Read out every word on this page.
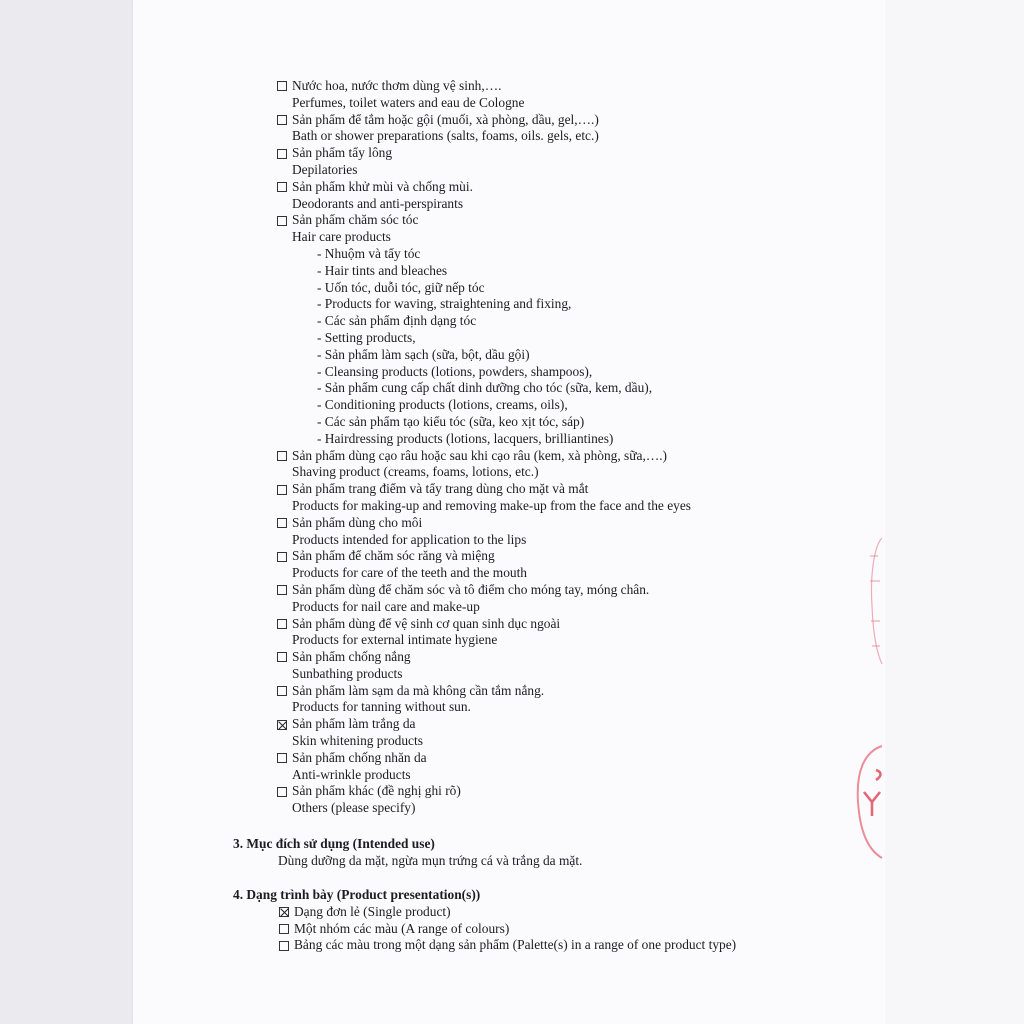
Nước hoa, nước thơm dùng vệ sinh,….
Perfumes, toilet waters and eau de Cologne
Sản phẩm để tắm hoặc gội (muối, xà phòng, dầu, gel,….)
Bath or shower preparations (salts, foams, oils. gels, etc.)
Sản phẩm tẩy lông
Depilatories
Sản phẩm khử mùi và chống mùi.
Deodorants and anti-perspirants
Sản phẩm chăm sóc tóc
Hair care products
- Nhuộm và tẩy tóc
- Hair tints and bleaches
- Uốn tóc, duỗi tóc, giữ nếp tóc
- Products for waving, straightening and fixing,
- Các sản phẩm định dạng tóc
- Setting products,
- Sản phẩm làm sạch (sữa, bột, dầu gội)
- Cleansing products (lotions, powders, shampoos),
- Sản phẩm cung cấp chất dinh dưỡng cho tóc (sữa, kem, dầu),
- Conditioning products (lotions, creams, oils),
- Các sản phẩm tạo kiểu tóc (sữa, keo xịt tóc, sáp)
- Hairdressing products (lotions, lacquers, brilliantines)
Sản phẩm dùng cạo râu hoặc sau khi cạo râu (kem, xà phòng, sữa,….)
Shaving product (creams, foams, lotions, etc.)
Sản phẩm trang điểm và tẩy trang dùng cho mặt và mắt
Products for making-up and removing make-up from the face and the eyes
Sản phẩm dùng cho môi
Products intended for application to the lips
Sản phẩm để chăm sóc răng và miệng
Products for care of the teeth and the mouth
Sản phẩm dùng để chăm sóc và tô điểm cho móng tay, móng chân.
Products for nail care and make-up
Sản phẩm dùng để vệ sinh cơ quan sinh dục ngoài
Products for external intimate hygiene
Sản phẩm chống nắng
Sunbathing products
Sản phẩm làm sạm da mà không cần tắm nắng.
Products for tanning without sun.
Sản phẩm làm trắng da
Skin whitening products
Sản phẩm chống nhăn da
Anti-wrinkle products
Sản phẩm khác (đề nghị ghi rõ)
Others (please specify)
3. Mục đích sử dụng (Intended use)
Dùng dưỡng da mặt, ngừa mụn trứng cá và trắng da mặt.
4. Dạng trình bày (Product presentation(s))
Dạng đơn lẻ (Single product)
Một nhóm các màu (A range of colours)
Bảng các màu trong một dạng sản phẩm (Palette(s) in a range of one product type)
